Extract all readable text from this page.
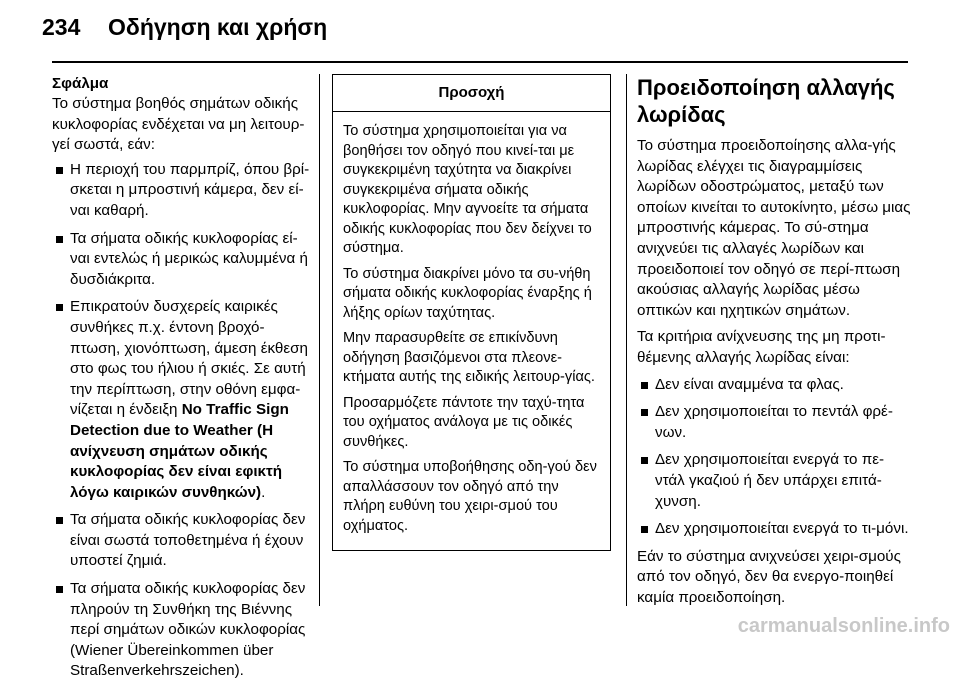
234 Οδήγηση και χρήση
Σφάλμα

Το σύστημα βοηθός σημάτων οδικής κυκλοφορίας ενδέχεται να μη λειτουρ-γεί σωστά, εάν:

Η περιοχή του παρμπρίζ, όπου βρί-σκεται η μπροστινή κάμερα, δεν εί-ναι καθαρή.
Τα σήματα οδικής κυκλοφορίας εί-ναι εντελώς ή μερικώς καλυμμένα ή δυσδιάκριτα.
Επικρατούν δυσχερείς καιρικές συνθήκες π.χ. έντονη βροχό-πτωση, χιονόπτωση, άμεση έκθεση στο φως του ήλιου ή σκιές. Σε αυτή την περίπτωση, στην οθόνη εμφα-νίζεται η ένδειξη No Traffic Sign Detection due to Weather (Η ανίχνευση σημάτων οδικής κυκλοφορίας δεν είναι εφικτή λόγω καιρικών συνθηκών).
Τα σήματα οδικής κυκλοφορίας δεν είναι σωστά τοποθετημένα ή έχουν υποστεί ζημιά.
Τα σήματα οδικής κυκλοφορίας δεν πληρούν τη Συνθήκη της Βιέννης περί σημάτων οδικών κυκλοφορίας (Wiener Übereinkommen über Straßenverkehrszeichen).
Προσοχή

Το σύστημα χρησιμοποιείται για να βοηθήσει τον οδηγό που κινεί-ται με συγκεκριμένη ταχύτητα να διακρίνει συγκεκριμένα σήματα οδικής κυκλοφορίας. Μην αγνοείτε τα σήματα οδικής κυκλοφορίας που δεν δείχνει το σύστημα.

Το σύστημα διακρίνει μόνο τα συ-νήθη σήματα οδικής κυκλοφορίας έναρξης ή λήξης ορίων ταχύτητας.

Μην παρασυρθείτε σε επικίνδυνη οδήγηση βασιζόμενοι στα πλεονε-κτήματα αυτής της ειδικής λειτουρ-γίας.

Προσαρμόζετε πάντοτε την ταχύ-τητα του οχήματος ανάλογα με τις οδικές συνθήκες.

Το σύστημα υποβοήθησης οδη-γού δεν απαλλάσσουν τον οδηγό από την πλήρη ευθύνη του χειρι-σμού του οχήματος.

Προειδοποίηση αλλαγής λωρίδας

Το σύστημα προειδοποίησης αλλα-γής λωρίδας ελέγχει τις διαγραμμίσεις λωρίδων οδοστρώματος, μεταξύ των οποίων κινείται το αυτοκίνητο, μέσω μιας μπροστινής κάμερας. Το σύ-στημα ανιχνεύει τις αλλαγές λωρίδων και προειδοποιεί τον οδηγό σε περί-πτωση ακούσιας αλλαγής λωρίδας μέσω οπτικών και ηχητικών σημάτων.

Τα κριτήρια ανίχνευσης της μη προτι-θέμενης αλλαγής λωρίδας είναι:

Δεν είναι αναμμένα τα φλας.
Δεν χρησιμοποιείται το πεντάλ φρέ-νων.
Δεν χρησιμοποιείται ενεργά το πε-ντάλ γκαζιού ή δεν υπάρχει επιτά-χυνση.
Δεν χρησιμοποιείται ενεργά το τι-μόνι.

Εάν το σύστημα ανιχνεύσει χειρι-σμούς από τον οδηγό, δεν θα ενεργο-ποιηθεί καμία προειδοποίηση.

carmanualsonline.info
